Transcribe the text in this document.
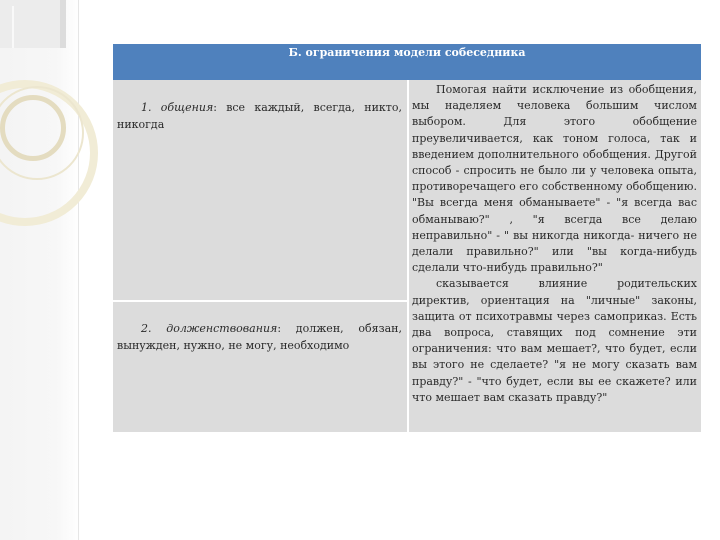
Б. ограничения модели собеседника
1. общения: все каждый, всегда, никто, никогда
2. долженствования: должен, обязан, вынужден, нужно, не могу, необходимо

Помогая найти исключение из обобщения, мы наделяем человека большим числом выбором. Для этого обобщение преувеличивается, как тоном голоса, так и введением дополнительного обобщения. Другой способ - спросить не было ли у человека опыта, противоречащего его собственному обобщению. "Вы всегда меня обманываете" - "я всегда вас обманываю?" , "я всегда все делаю неправильно" - " вы никогда никогда- ничего не делали правильно?" или "вы когда-нибудь сделали что-нибудь правильно?"

сказывается влияние родительских директив, ориентация на "личные" законы, защита от психотравмы через самоприказ. Есть два вопроса, ставящих под сомнение эти ограничения: что вам мешает?, что будет, если вы этого не сделаете? "я не могу сказать вам правду?" - "что будет, если вы ее скажете? или что мешает вам сказать правду?"
